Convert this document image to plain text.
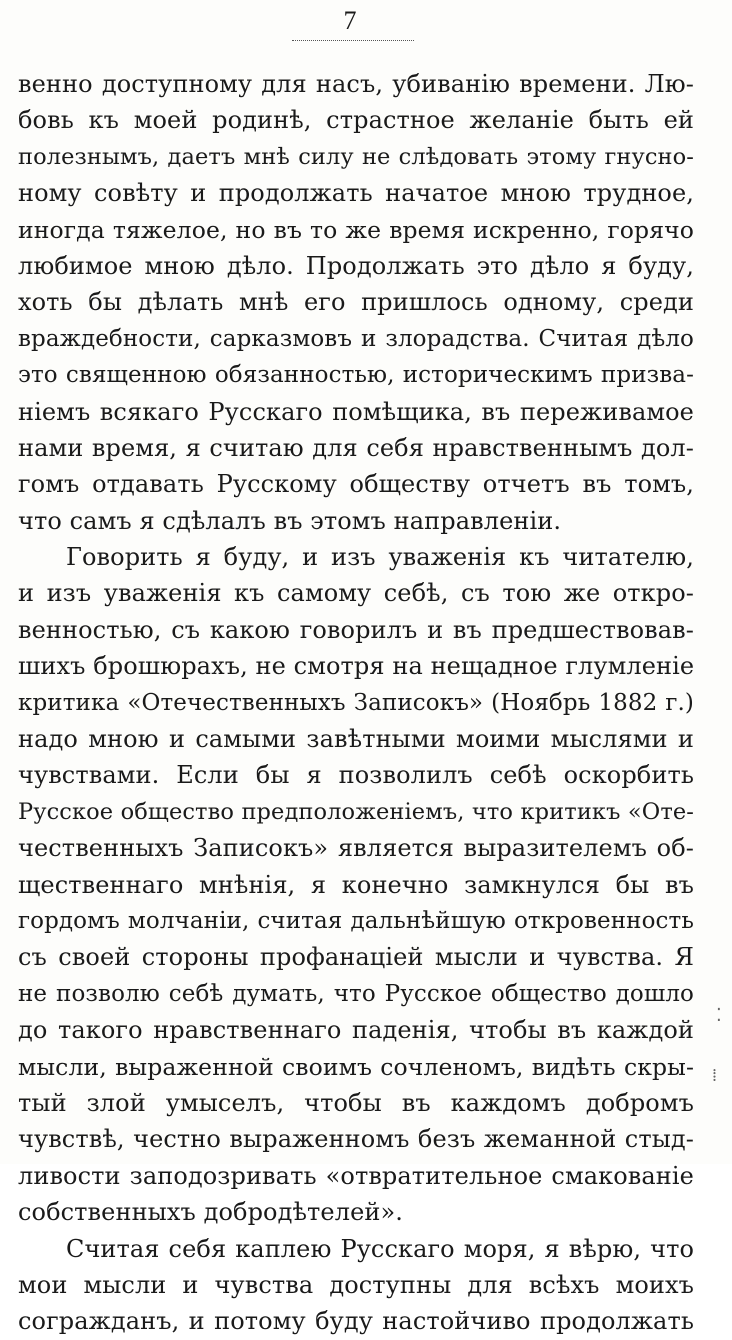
7
венно доступному для насъ, убиванію времени. Лю-
бовь къ моей родинѣ, страстное желаніе быть ей
полезнымъ, даетъ мнѣ силу не слѣдовать этому гнусно-
ному совѣту и продолжать начатое мною трудное,
иногда тяжелое, но въ то же время искренно, горячо
любимое мною дѣло. Продолжать это дѣло я буду,
хоть бы дѣлать мнѣ его пришлось одному, среди
враждебности, сарказмовъ и злорадства. Считая дѣло
это священною обязанностью, историческимъ призва-
ніемъ всякаго Русскаго помѣщика, въ переживамое
нами время, я считаю для себя нравственнымъ дол-
гомъ отдавать Русскому обществу отчетъ въ томъ,
что самъ я сдѣлалъ въ этомъ направленіи.
Говорить я буду, и изъ уваженія къ читателю,
и изъ уваженія къ самому себѣ, съ тою же откро-
венностью, съ какою говорилъ и въ предшествовав-
шихъ брошюрахъ, не смотря на нещадное глумленіе
критика «Отечественныхъ Записокъ» (Ноябрь 1882 г.)
надо мною и самыми завѣтными моими мыслями и
чувствами. Если бы я позволилъ себѣ оскорбить
Русское общество предположеніемъ, что критикъ «Оте-
чественныхъ Записокъ» является выразителемъ об-
щественнаго мнѣнія, я конечно замкнулся бы въ
гордомъ молчаніи, считая дальнѣйшую откровенность
съ своей стороны профанаціей мысли и чувства. Я
не позволю себѣ думать, что Русское общество дошло
до такого нравственнаго паденія, чтобы въ каждой
мысли, выраженной своимъ сочленомъ, видѣть скры-
тый злой умыселъ, чтобы въ каждомъ добромъ
чувствѣ, честно выраженномъ безъ жеманной стыд-
ливости заподозривать «отвратительное смакованіе
собственныхъ добродѣтелей».
Считая себя каплею Русскаго моря, я вѣрю, что
мои мысли и чувства доступны для всѣхъ моихъ
согражданъ, и потому буду настойчиво продолжать
⁚
⁞
